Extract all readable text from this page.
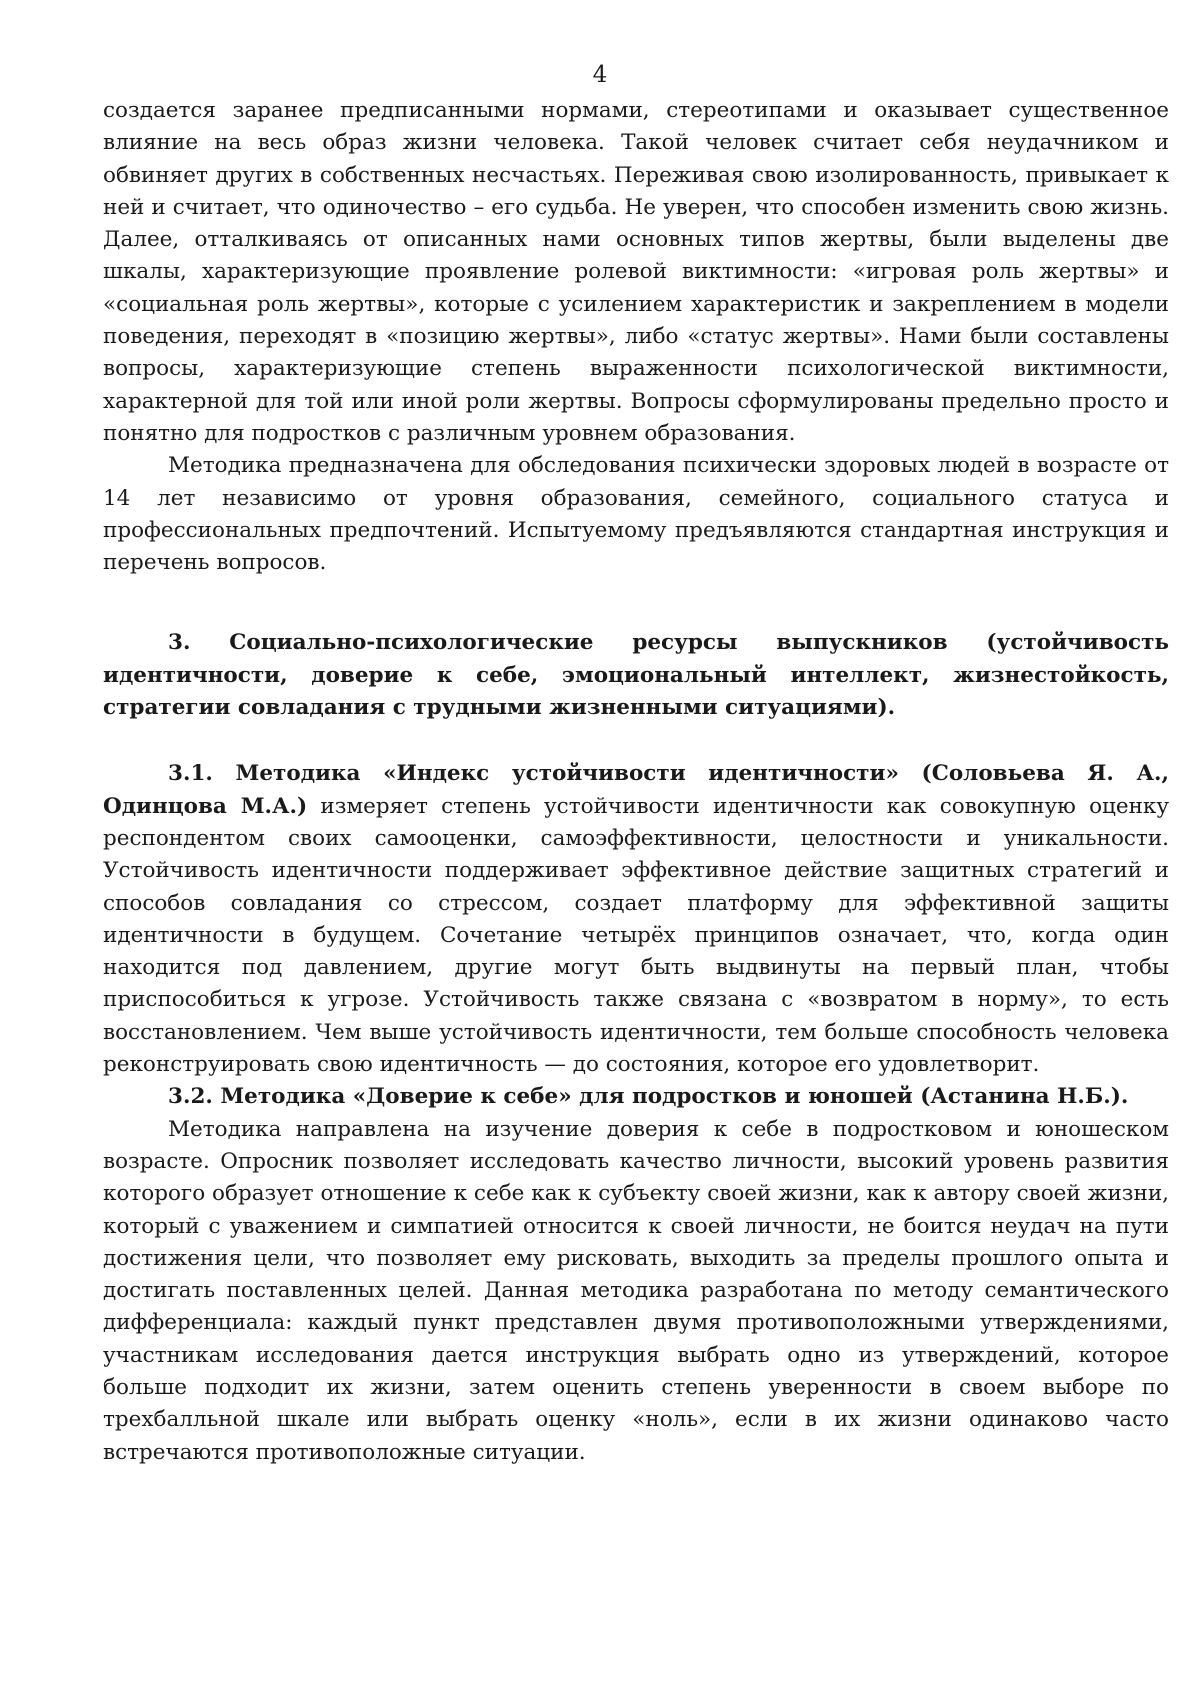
4

создается заранее предписанными нормами, стереотипами и оказывает существенное влияние на весь образ жизни человека. Такой человек считает себя неудачником и обвиняет других в собственных несчастьях. Переживая свою изолированность, привыкает к ней и считает, что одиночество – его судьба. Не уверен, что способен изменить свою жизнь. Далее, отталкиваясь от описанных нами основных типов жертвы, были выделены две шкалы, характеризующие проявление ролевой виктимности: «игровая роль жертвы» и «социальная роль жертвы», которые с усилением характеристик и закреплением в модели поведения, переходят в «позицию жертвы», либо «статус жертвы». Нами были составлены вопросы, характеризующие степень выраженности психологической виктимности, характерной для той или иной роли жертвы. Вопросы сформулированы предельно просто и понятно для подростков с различным уровнем образования.

Методика предназначена для обследования психически здоровых людей в возрасте от 14 лет независимо от уровня образования, семейного, социального статуса и профессиональных предпочтений. Испытуемому предъявляются стандартная инструкция и перечень вопросов.

3. Социально-психологические ресурсы выпускников (устойчивость идентичности, доверие к себе, эмоциональный интеллект, жизнестойкость, стратегии совладания с трудными жизненными ситуациями).

3.1. Методика «Индекс устойчивости идентичности» (Соловьева Я. А., Одинцова М.А.) измеряет степень устойчивости идентичности как совокупную оценку респондентом своих самооценки, самоэффективности, целостности и уникальности. Устойчивость идентичности поддерживает эффективное действие защитных стратегий и способов совладания со стрессом, создает платформу для эффективной защиты идентичности в будущем. Сочетание четырёх принципов означает, что, когда один находится под давлением, другие могут быть выдвинуты на первый план, чтобы приспособиться к угрозе. Устойчивость также связана с «возвратом в норму», то есть восстановлением. Чем выше устойчивость идентичности, тем больше способность человека реконструировать свою идентичность — до состояния, которое его удовлетворит.

3.2. Методика «Доверие к себе» для подростков и юношей (Астанина Н.Б.).

Методика направлена на изучение доверия к себе в подростковом и юношеском возрасте. Опросник позволяет исследовать качество личности, высокий уровень развития которого образует отношение к себе как к субъекту своей жизни, как к автору своей жизни, который с уважением и симпатией относится к своей личности, не боится неудач на пути достижения цели, что позволяет ему рисковать, выходить за пределы прошлого опыта и достигать поставленных целей. Данная методика разработана по методу семантического дифференциала: каждый пункт представлен двумя противоположными утверждениями, участникам исследования дается инструкция выбрать одно из утверждений, которое больше подходит их жизни, затем оценить степень уверенности в своем выборе по трехбалльной шкале или выбрать оценку «ноль», если в их жизни одинаково часто встречаются противоположные ситуации.
